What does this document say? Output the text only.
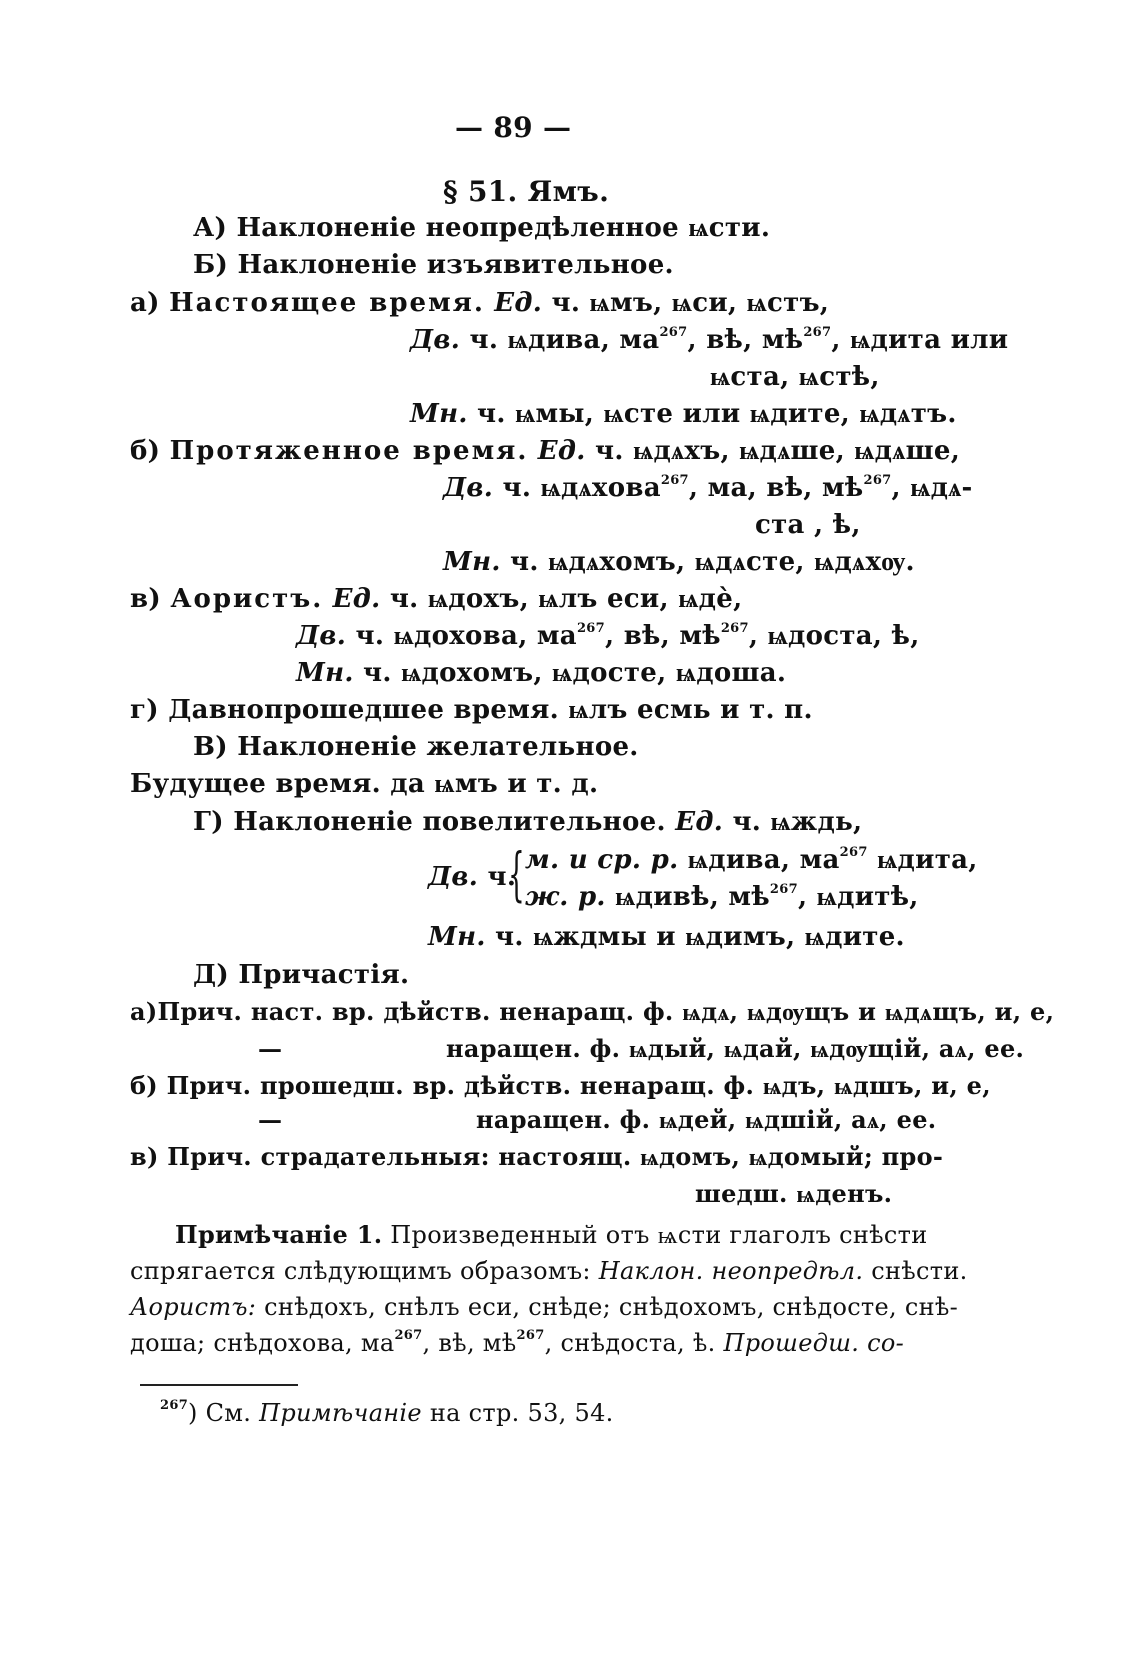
— 89 —
§ 51. Ямъ.
А) Наклоненіе неопредѣленное ѩсти.
Б) Наклоненіе изъявительное.
а) Настоящее время. Ед. ч. ѩмъ, ѩси, ѩстъ,
Дв. ч. ѩдива, $ма^{267}$, вѣ, $мѣ^{267}$, ѩдита или
ѩста, ѩстѣ,
Мн. ч. ѩмы, ѩсте или ѩдите, ѩдѧтъ.
б) Протяженное время. Ед. ч. ѩдѧхъ, ѩдѧше, ѩдѧше,
Дв. ч. ѩдѧхова$^{267}$, ма, вѣ, $мѣ^{267}$, ѩдѧ-
ста , ѣ,
Мн. ч. ѩдѧхомъ, ѩдѧсте, ѩдѧхѹ.
в) Аористъ. Ед. ч. ѩдохъ, ѩлъ еси, ѩдѐ,
Дв. ч. ѩдохова, $ма^{267}$, вѣ, $мѣ^{267}$, ѩдоста, ѣ,
Мн. ч. ѩдохомъ, ѩдосте, ѩдоша.
г) Давнопрошедшее время. ѩлъ есмь и т. п.
В) Наклоненіе желательное.
Будущее время. да ѩмъ и т. д.
Г) Наклоненіе повелительное. Ед. ч. ѩждь,
Дв. ч.
{ м. и ср. р. ѩдива, $ма^{267}$ ѩдита,
ж. р. ѩдивѣ, $мѣ^{267}$, ѩдитѣ,
Мн. ч. ѩждмы и ѩдимъ, ѩдите.
Д) Причастія.
а)Прич. наст. вр. дѣйств. ненаращ. ф. ѩдѧ, ѩдѹщъ и ѩдѧщъ, и, е,
—	наращен. ф. ѩдый, ѩдай, ѩдѹщій, аѧ, ее.
б) Прич. прошедш. вр. дѣйств. ненаращ. ф. ѩдъ, ѩдшъ, и, е,
—	наращен. ф. ѩдей, ѩдшій, аѧ, ее.
в) Прич. страдательныя: настоящ. ѩдомъ, ѩдомый; про-
шедш. ѩденъ.
Примѣчаніе 1. Произведенный отъ ѩсти глаголъ снѣсти
спрягается слѣдующимъ образомъ: Наклон. неопредѣл. снѣсти.
Аористъ: снѣдохъ, снѣлъ еси, снѣде; снѣдохомъ, снѣдосте, снѣ-
доша; снѣдохова, $ма^{267}$, вѣ, $мѣ^{267}$, снѣдоста, ѣ. Прошедш. со-
$^{267}$) См. Примѣчаніе на стр. 53, 54.
